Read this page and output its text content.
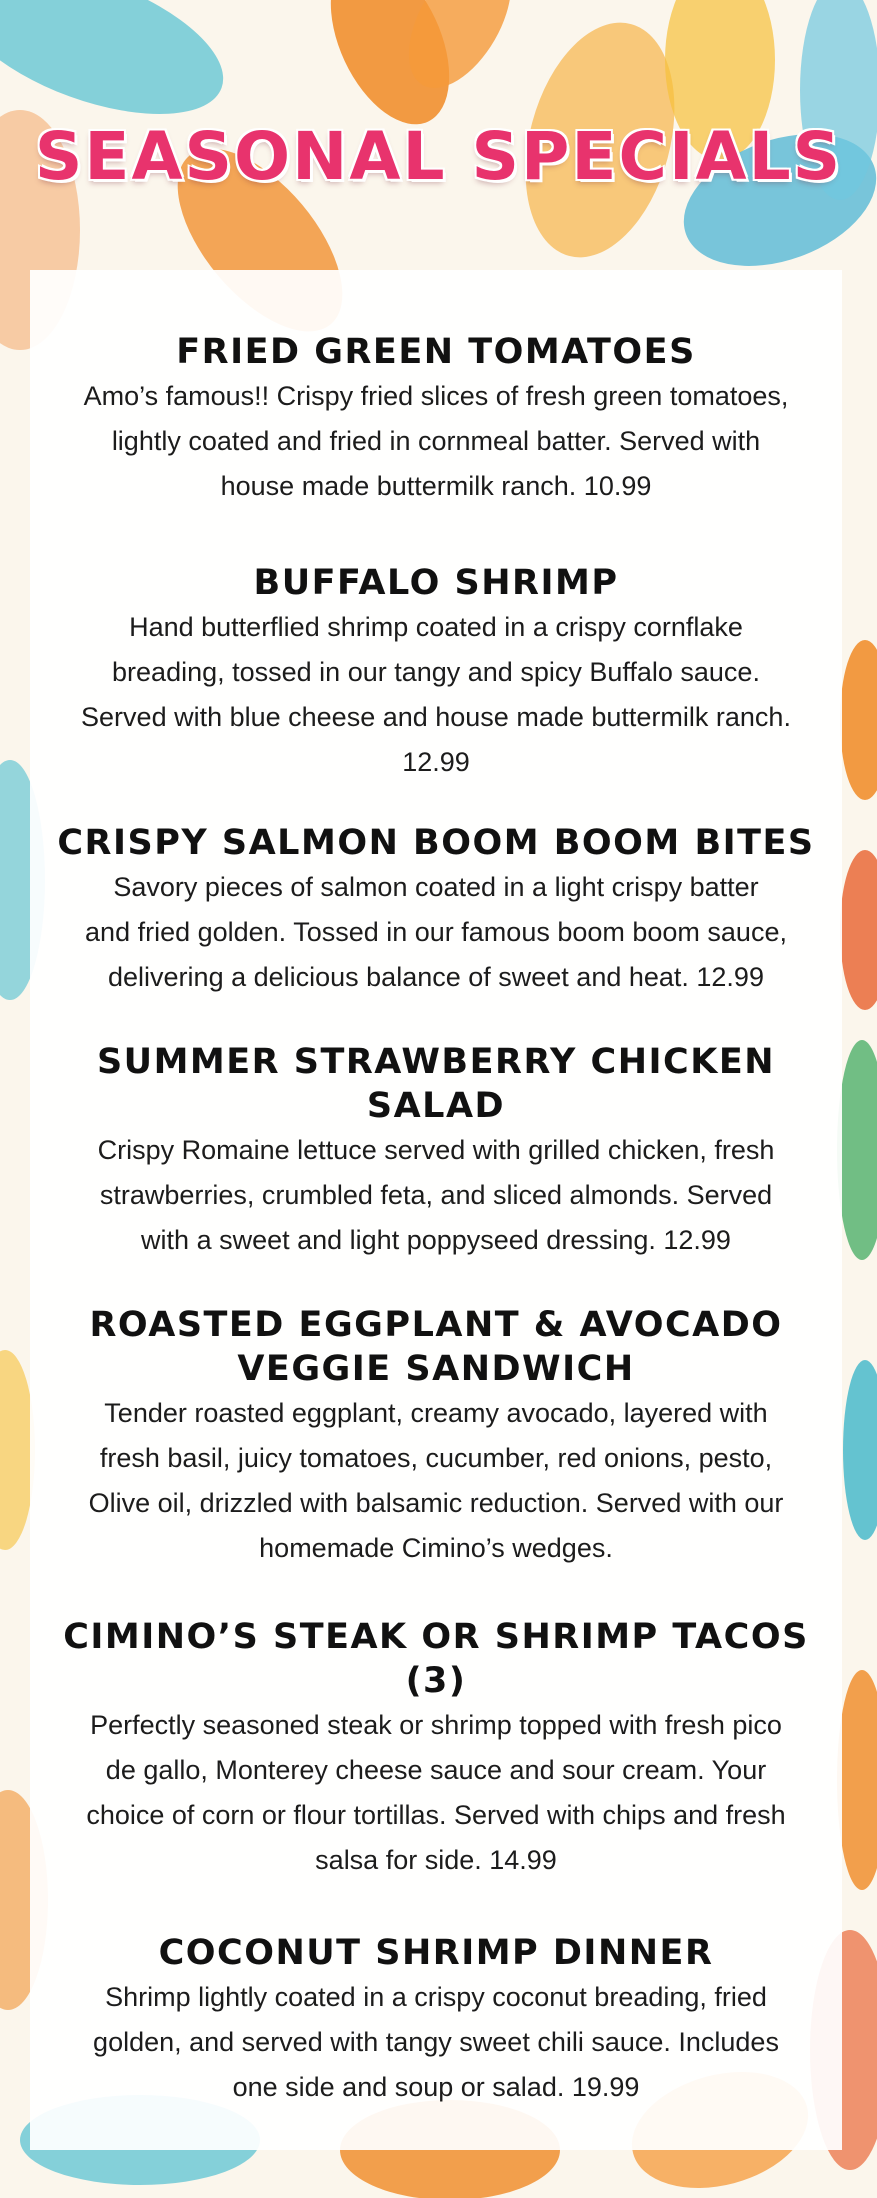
SEASONAL SPECIALS
FRIED GREEN TOMATOES
Amo’s famous!! Crispy fried slices of fresh green tomatoes,
lightly coated and fried in cornmeal batter. Served with
house made buttermilk ranch. 10.99
BUFFALO SHRIMP
Hand butterflied shrimp coated in a crispy cornflake
breading, tossed in our tangy and spicy Buffalo sauce.
Served with blue cheese and house made buttermilk ranch.
12.99
CRISPY SALMON BOOM BOOM BITES
Savory pieces of salmon coated in a light crispy batter
and fried golden. Tossed in our famous boom boom sauce,
delivering a delicious balance of sweet and heat. 12.99
SUMMER STRAWBERRY CHICKEN SALAD
Crispy Romaine lettuce served with grilled chicken, fresh
strawberries, crumbled feta, and sliced almonds. Served
with a sweet and light poppyseed dressing. 12.99
ROASTED EGGPLANT & AVOCADO
VEGGIE SANDWICH
Tender roasted eggplant, creamy avocado, layered with
fresh basil, juicy tomatoes, cucumber, red onions, pesto,
Olive oil, drizzled with balsamic reduction. Served with our
homemade Cimino’s wedges.
CIMINO’S STEAK OR SHRIMP TACOS (3)
Perfectly seasoned steak or shrimp topped with fresh pico
de gallo, Monterey cheese sauce and sour cream. Your
choice of corn or flour tortillas. Served with chips and fresh
salsa for side. 14.99
COCONUT SHRIMP DINNER
Shrimp lightly coated in a crispy coconut breading, fried
golden, and served with tangy sweet chili sauce. Includes
one side and soup or salad. 19.99
